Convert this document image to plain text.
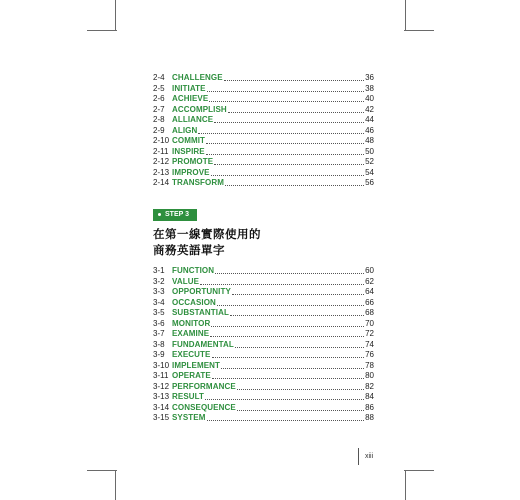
2-4 CHALLENGE	36
2-5 INITIATE	38
2-6 ACHIEVE	40
2-7 ACCOMPLISH	42
2-8 ALLIANCE	44
2-9 ALIGN	46
2-10 COMMIT	48
2-11 INSPIRE	50
2-12 PROMOTE	52
2-13 IMPROVE	54
2-14 TRANSFORM	56
STEP 3
在第一線實際使用的
商務英語單字
3-1 FUNCTION	60
3-2 VALUE	62
3-3 OPPORTUNITY	64
3-4 OCCASION	66
3-5 SUBSTANTIAL	68
3-6 MONITOR	70
3-7 EXAMINE	72
3-8 FUNDAMENTAL	74
3-9 EXECUTE	76
3-10 IMPLEMENT	78
3-11 OPERATE	80
3-12 PERFORMANCE	82
3-13 RESULT	84
3-14 CONSEQUENCE	86
3-15 SYSTEM	88
xiii
